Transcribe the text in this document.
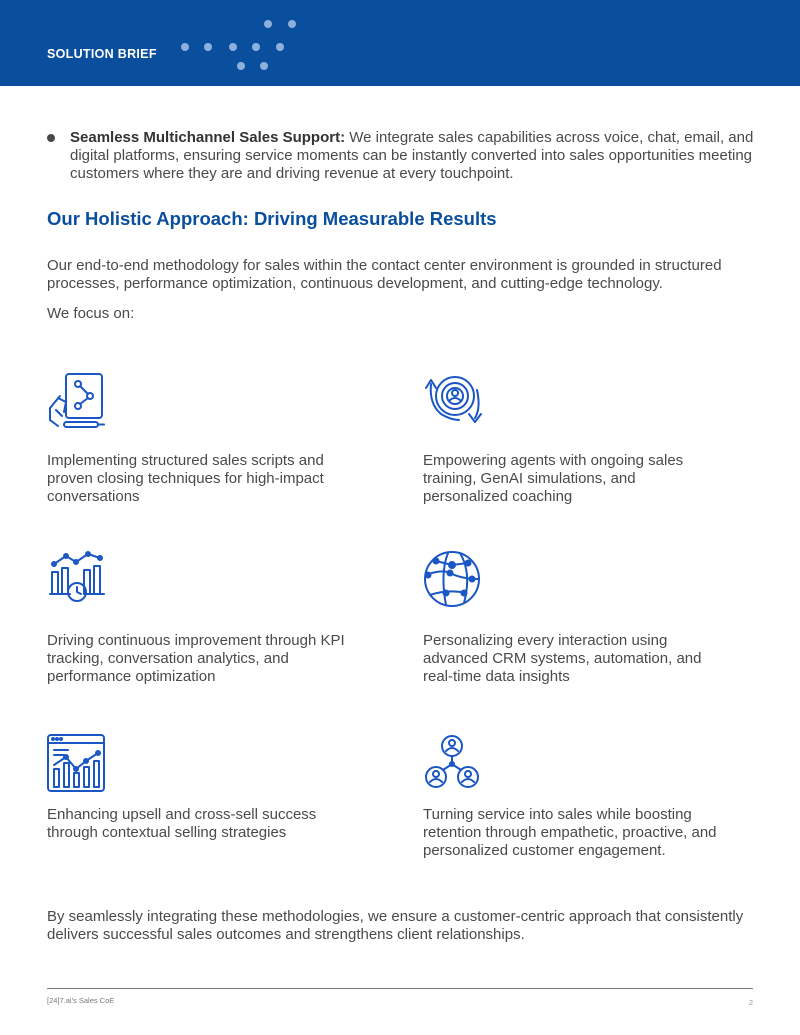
SOLUTION BRIEF

Seamless Multichannel Sales Support: We integrate sales capabilities across voice, chat, email, and digital platforms, ensuring service moments can be instantly converted into sales opportunities meeting customers where they are and driving revenue at every touchpoint.

Our Holistic Approach: Driving Measurable Results

Our end-to-end methodology for sales within the contact center environment is grounded in structured processes, performance optimization, continuous development, and cutting-edge technology.

We focus on:

Implementing structured sales scripts and proven closing techniques for high-impact conversations

Empowering agents with ongoing sales training, GenAI simulations, and personalized coaching

Driving continuous improvement through KPI tracking, conversation analytics, and performance optimization

Personalizing every interaction using advanced CRM systems, automation, and real-time data insights

Enhancing upsell and cross-sell success through contextual selling strategies

Turning service into sales while boosting retention through empathetic, proactive, and personalized customer engagement.

By seamlessly integrating these methodologies, we ensure a customer-centric approach that consistently delivers successful sales outcomes and strengthens client relationships.

[24]7.ai's Sales CoE	2
